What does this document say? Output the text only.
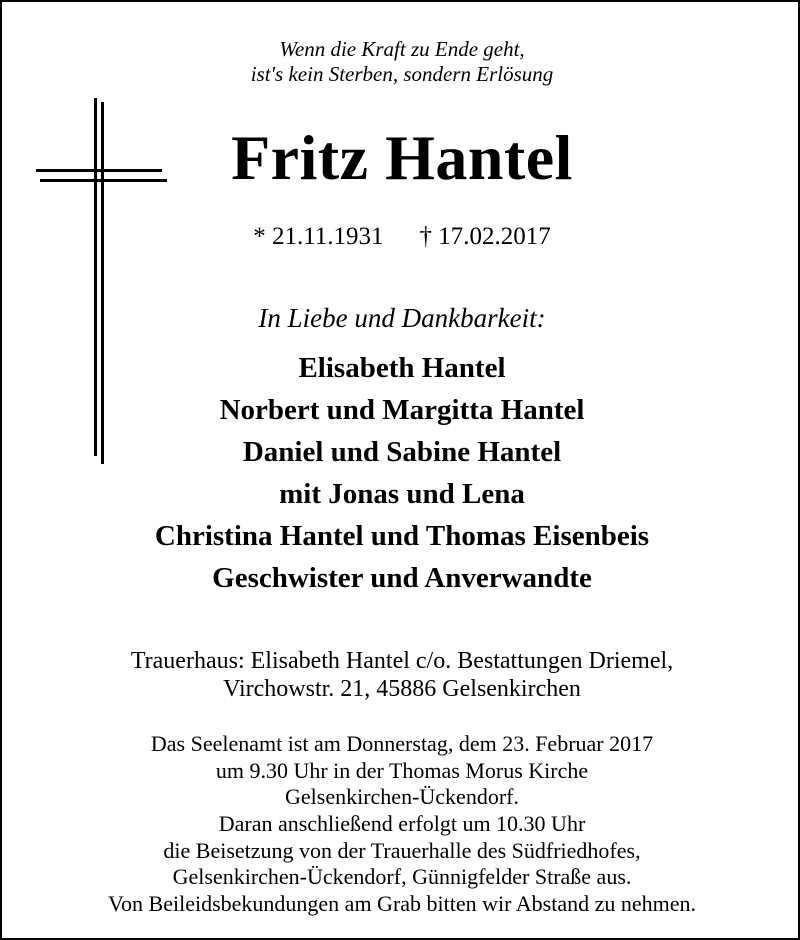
Wenn die Kraft zu Ende geht,
ist's kein Sterben, sondern Erlösung
Fritz Hantel
* 21.11.1931 † 17.02.2017
In Liebe und Dankbarkeit:
Elisabeth Hantel
Norbert und Margitta Hantel
Daniel und Sabine Hantel
mit Jonas und Lena
Christina Hantel und Thomas Eisenbeis
Geschwister und Anverwandte
Trauerhaus: Elisabeth Hantel c/o. Bestattungen Driemel,
Virchowstr. 21, 45886 Gelsenkirchen
Das Seelenamt ist am Donnerstag, dem 23. Februar 2017
um 9.30 Uhr in der Thomas Morus Kirche
Gelsenkirchen-Ückendorf.
Daran anschließend erfolgt um 10.30 Uhr
die Beisetzung von der Trauerhalle des Südfriedhofes,
Gelsenkirchen-Ückendorf, Günnigfelder Straße aus.
Von Beileidsbekundungen am Grab bitten wir Abstand zu nehmen.
